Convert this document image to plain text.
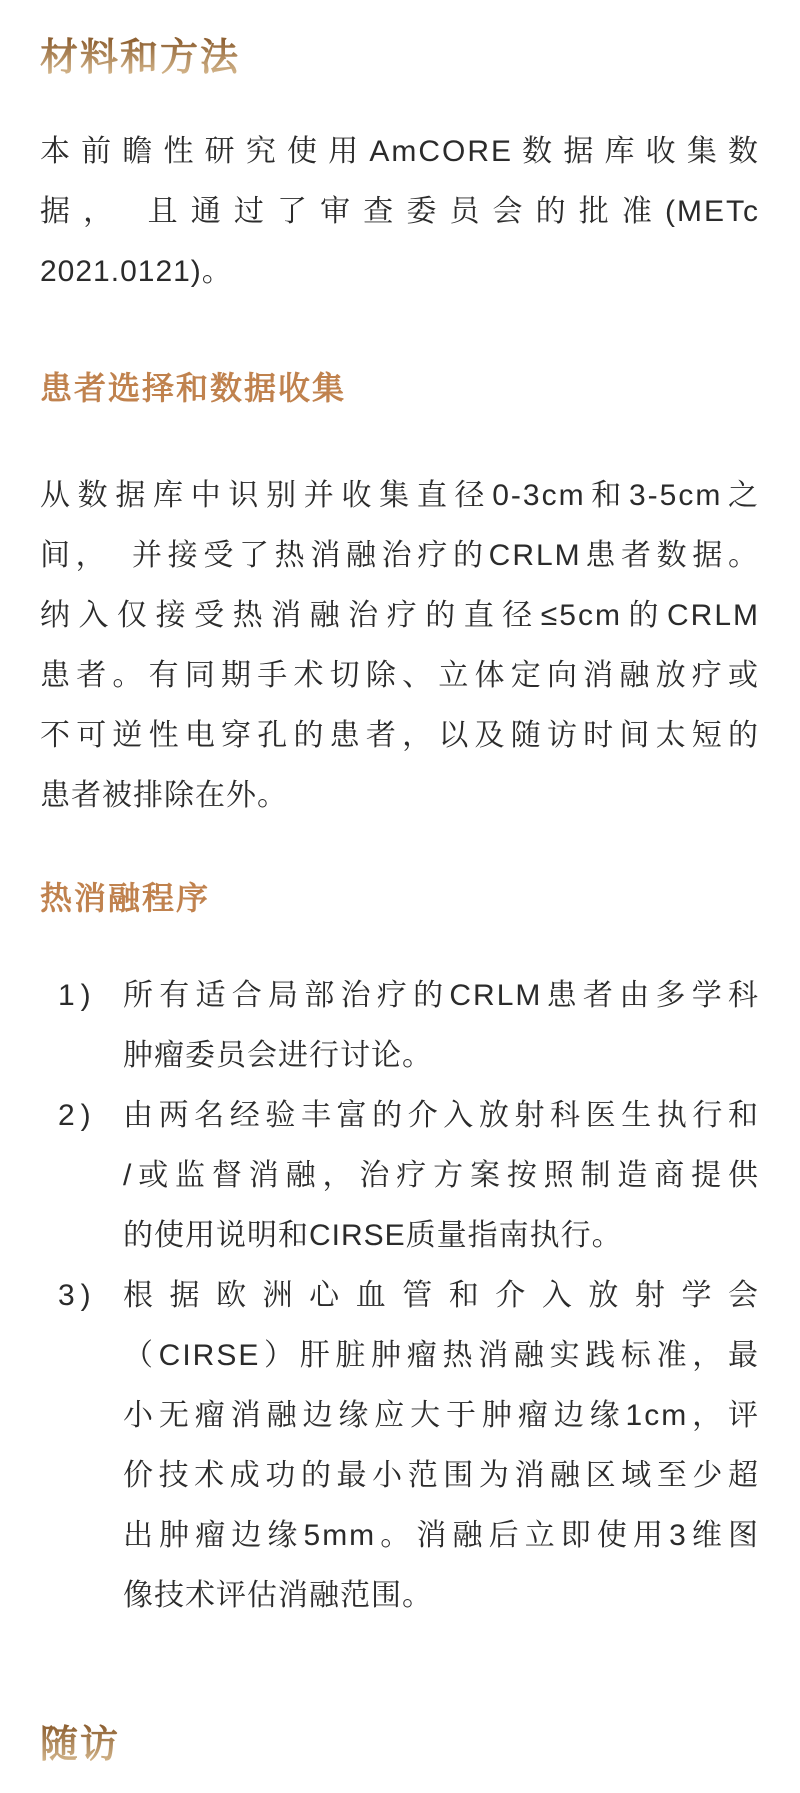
材料和方法

本前瞻性研究使用AmCORE数据库收集数

据， 且通过了审查委员会的批准(METc

2021.0121)。

患者选择和数据收集

从数据库中识别并收集直径0-3cm和3-5cm之

间，　并接受了热消融治疗的CRLM患者数据。

纳入仅接受热消融治疗的直径≤5cm的CRLM

患者。有同期手术切除、立体定向消融放疗或

不可逆性电穿孔的患者，以及随访时间太短的

患者被排除在外。

热消融程序
1) 所有适合局部治疗的CRLM患者由多学科

肿瘤委员会进行讨论。

2) 由两名经验丰富的介入放射科医生执行和

/或监督消融，治疗方案按照制造商提供

的使用说明和CIRSE质量指南执行。

3) 根据欧洲心血管和介入放射学会

（CIRSE）肝脏肿瘤热消融实践标准，最

小无瘤消融边缘应大于肿瘤边缘1cm，评

价技术成功的最小范围为消融区域至少超

出肿瘤边缘5mm。消融后立即使用3维图

像技术评估消融范围。

随访
